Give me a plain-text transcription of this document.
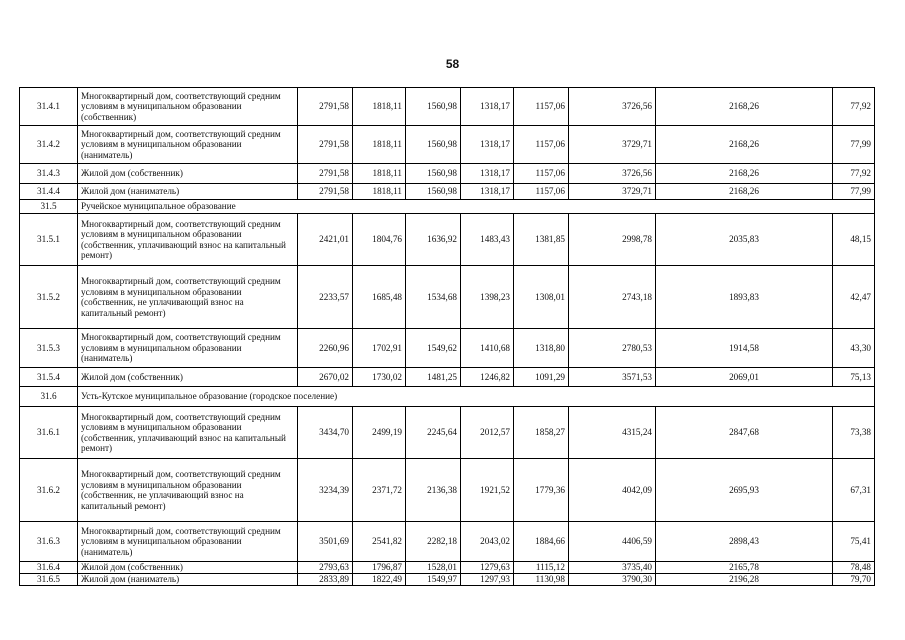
58
31.4.1	Многоквартирный дом, соответствующий средним условиям в муниципальном образовании (собственник)	2791,58	1818,11	1560,98	1318,17	1157,06	3726,56	2168,26	77,92
31.4.2	Многоквартирный дом, соответствующий средним условиям в муниципальном образовании (наниматель)	2791,58	1818,11	1560,98	1318,17	1157,06	3729,71	2168,26	77,99
31.4.3	Жилой дом (собственник)	2791,58	1818,11	1560,98	1318,17	1157,06	3726,56	2168,26	77,92
31.4.4	Жилой дом (наниматель)	2791,58	1818,11	1560,98	1318,17	1157,06	3729,71	2168,26	77,99
31.5	Ручейское муниципальное образование								
31.5.1	Многоквартирный дом, соответствующий средним условиям в муниципальном образовании (собственник, уплачивающий взнос на капитальный ремонт)	2421,01	1804,76	1636,92	1483,43	1381,85	2998,78	2035,83	48,15
31.5.2	Многоквартирный дом, соответствующий средним условиям в муниципальном образовании (собственник, не уплачивающий взнос на капитальный ремонт)	2233,57	1685,48	1534,68	1398,23	1308,01	2743,18	1893,83	42,47
31.5.3	Многоквартирный дом, соответствующий средним условиям в муниципальном образовании (наниматель)	2260,96	1702,91	1549,62	1410,68	1318,80	2780,53	1914,58	43,30
31.5.4	Жилой дом (собственник)	2670,02	1730,02	1481,25	1246,82	1091,29	3571,53	2069,01	75,13
31.6	Усть-Кутское муниципальное образование (городское поселение)								
31.6.1	Многоквартирный дом, соответствующий средним условиям в муниципальном образовании (собственник, уплачивающий взнос на капитальный ремонт)	3434,70	2499,19	2245,64	2012,57	1858,27	4315,24	2847,68	73,38
31.6.2	Многоквартирный дом, соответствующий средним условиям в муниципальном образовании (собственник, не уплачивающий взнос на капитальный ремонт)	3234,39	2371,72	2136,38	1921,52	1779,36	4042,09	2695,93	67,31
31.6.3	Многоквартирный дом, соответствующий средним условиям в муниципальном образовании (наниматель)	3501,69	2541,82	2282,18	2043,02	1884,66	4406,59	2898,43	75,41
31.6.4	Жилой дом (собственник)	2793,63	1796,87	1528,01	1279,63	1115,12	3735,40	2165,78	78,48
31.6.5	Жилой дом (наниматель)	2833,89	1822,49	1549,97	1297,93	1130,98	3790,30	2196,28	79,70
